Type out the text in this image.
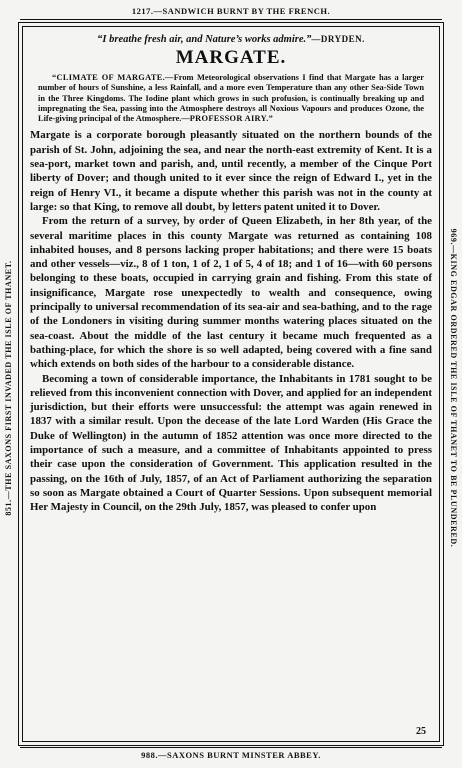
1217.—SANDWICH BURNT BY THE FRENCH.
851.—THE SAXONS FIRST INVADED THE ISLE OF THANET.	969.—KING EDGAR ORDERED THE ISLE OF THANET TO BE PLUNDERED.

“I breathe fresh air, and Nature’s works admire.”—DRYDEN.

MARGATE.

“CLIMATE OF MARGATE.—From Meteorological observations I find that Margate has a larger number of hours of Sunshine, a less Rainfall, and a more even Temperature than any other Sea-Side Town in the Three Kingdoms. The Iodine plant which grows in such profusion, is continually breaking up and impregnating the Sea, passing into the Atmosphere destroys all Noxious Vapours and produces Ozone, the Life-giving principal of the Atmosphere.—PROFESSOR AIRY.”

Margate is a corporate borough pleasantly situated on the northern bounds of the parish of St. John, adjoining the sea, and near the north-east extremity of Kent. It is a sea-port, market town and parish, and, until recently, a member of the Cinque Port liberty of Dover; and though united to it ever since the reign of Edward I., yet in the reign of Henry VI., it became a dispute whether this parish was not in the county at large: so that King, to remove all doubt, by letters patent united it to Dover.

From the return of a survey, by order of Queen Elizabeth, in her 8th year, of the several maritime places in this county Margate was returned as containing 108 inhabited houses, and 8 persons lacking proper habitations; and there were 15 boats and other vessels—viz., 8 of 1 ton, 1 of 2, 1 of 5, 4 of 18; and 1 of 16—with 60 persons belonging to these boats, occupied in carrying grain and fishing. From this state of insignificance, Margate rose unexpectedly to wealth and consequence, owing principally to universal recommendation of its sea-air and sea-bathing, and to the rage of the Londoners in visiting during summer months watering places situated on the sea-coast. About the middle of the last century it became much frequented as a bathing-place, for which the shore is so well adapted, being covered with a fine sand which extends on both sides of the harbour to a considerable distance.

Becoming a town of considerable importance, the Inhabitants in 1781 sought to be relieved from this inconvenient connection with Dover, and applied for an independent jurisdiction, but their efforts were unsuccessful: the attempt was again renewed in 1837 with a similar result. Upon the decease of the late Lord Warden (His Grace the Duke of Wellington) in the autumn of 1852 attention was once more directed to the importance of such a measure, and a committee of Inhabitants appointed to press their case upon the consideration of Government. This application resulted in the passing, on the 16th of July, 1857, of an Act of Parliament authorizing the separation so soon as Margate obtained a Court of Quarter Sessions. Upon subsequent memorial Her Majesty in Council, on the 29th July, 1857, was pleased to confer upon

25
988.—SAXONS BURNT MINSTER ABBEY.
